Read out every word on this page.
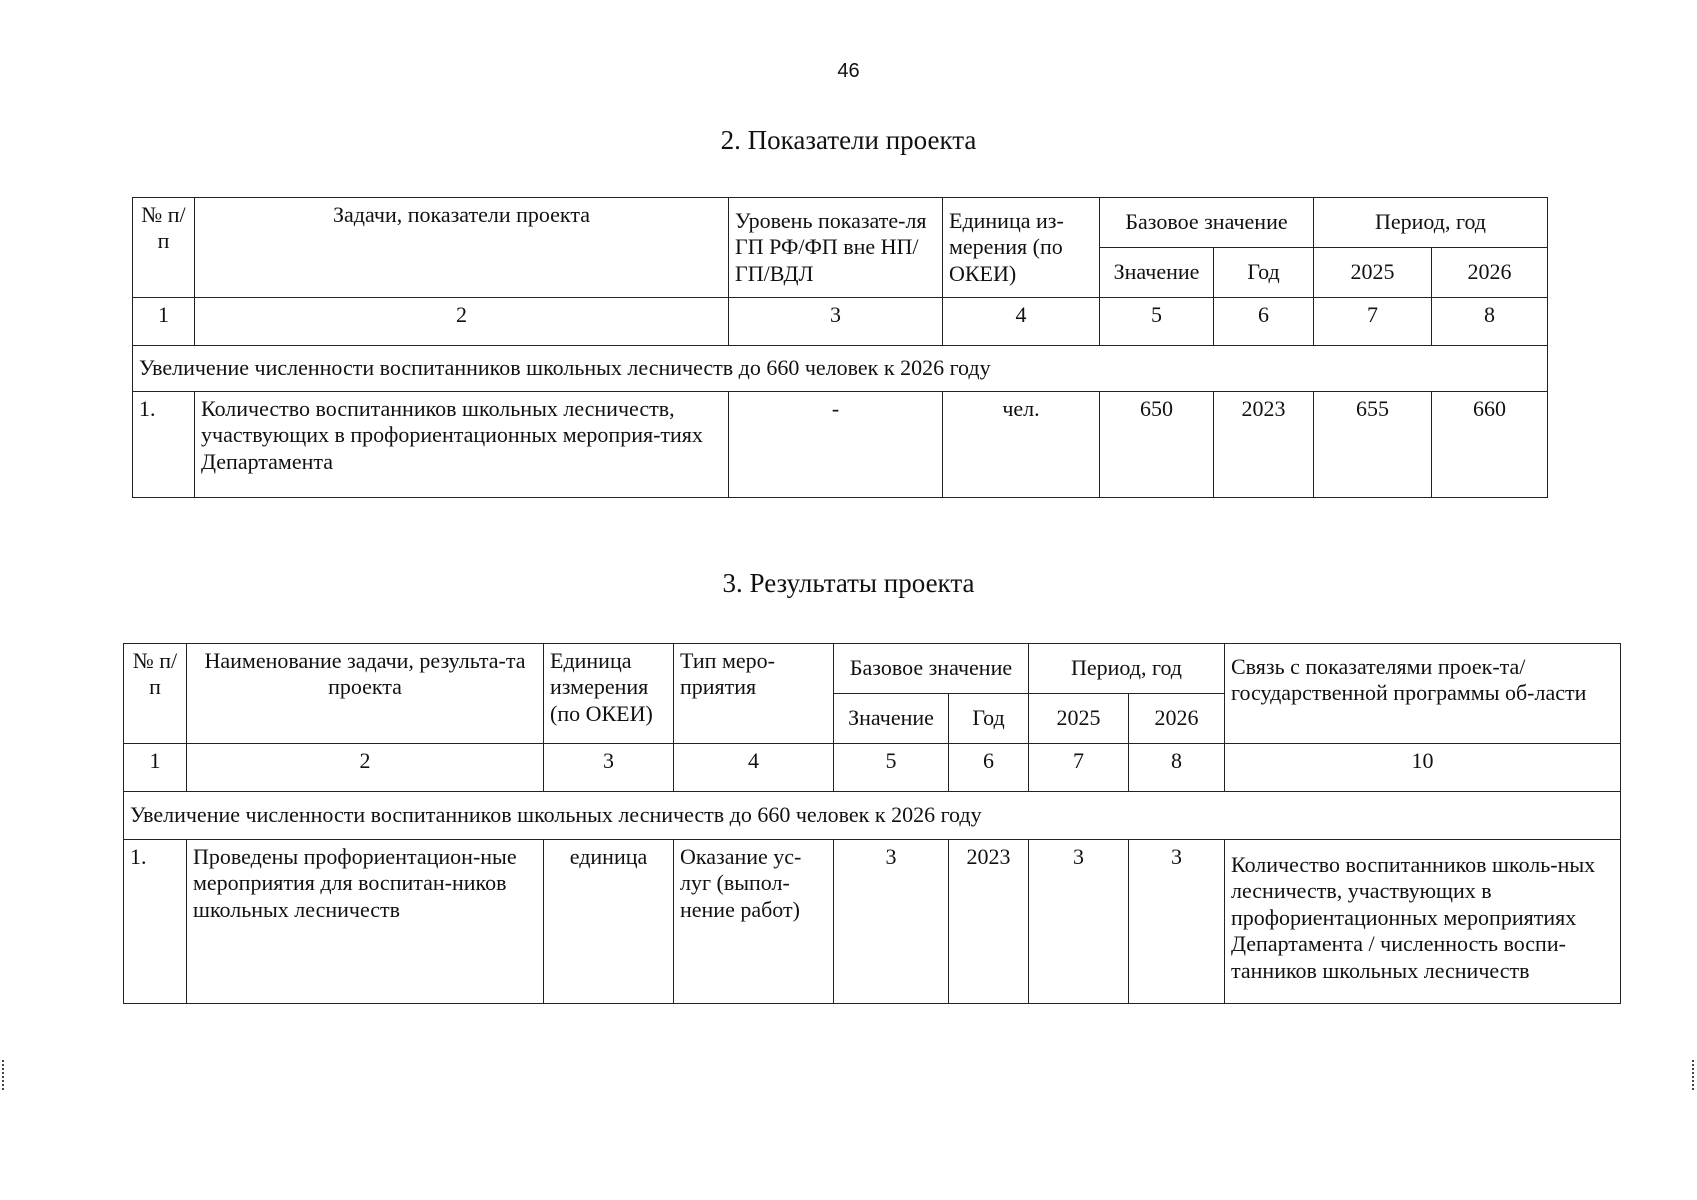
46
2. Показатели проекта
№ п/п	Задачи, показатели проекта	Уровень показате-ля ГП РФ/ФП вне НП/ГП/ВДЛ	Единица из-мерения (по ОКЕИ)	Базовое значение		Период, год	
				Значение	Год	2025	2026
1	2	3	4	5	6	7	8
Увеличение численности воспитанников школьных лесничеств до 660 человек к 2026 году							
1.	Количество воспитанников школьных лесничеств, участвующих в профориентационных мероприя-тиях Департамента	-	чел.	650	2023	655	660
3. Результаты проекта
№ п/п	Наименование задачи, результа-та проекта	Единица измерения (по ОКЕИ)	Тип меро-приятия	Базовое значение		Период, год		Связь с показателями проек-та/государственной программы об-ласти
				Значение	Год	2025	2026	
1	2	3	4	5	6	7	8	10
Увеличение численности воспитанников школьных лесничеств до 660 человек к 2026 году								
1.	Проведены профориентацион-ные мероприятия для воспитан-ников школьных лесничеств	единица	Оказание ус-луг (выпол-нение работ)	3	2023	3	3	Количество воспитанников школь-ных лесничеств, участвующих в профориентационных мероприятиях Департамента / численность воспи-танников школьных лесничеств
